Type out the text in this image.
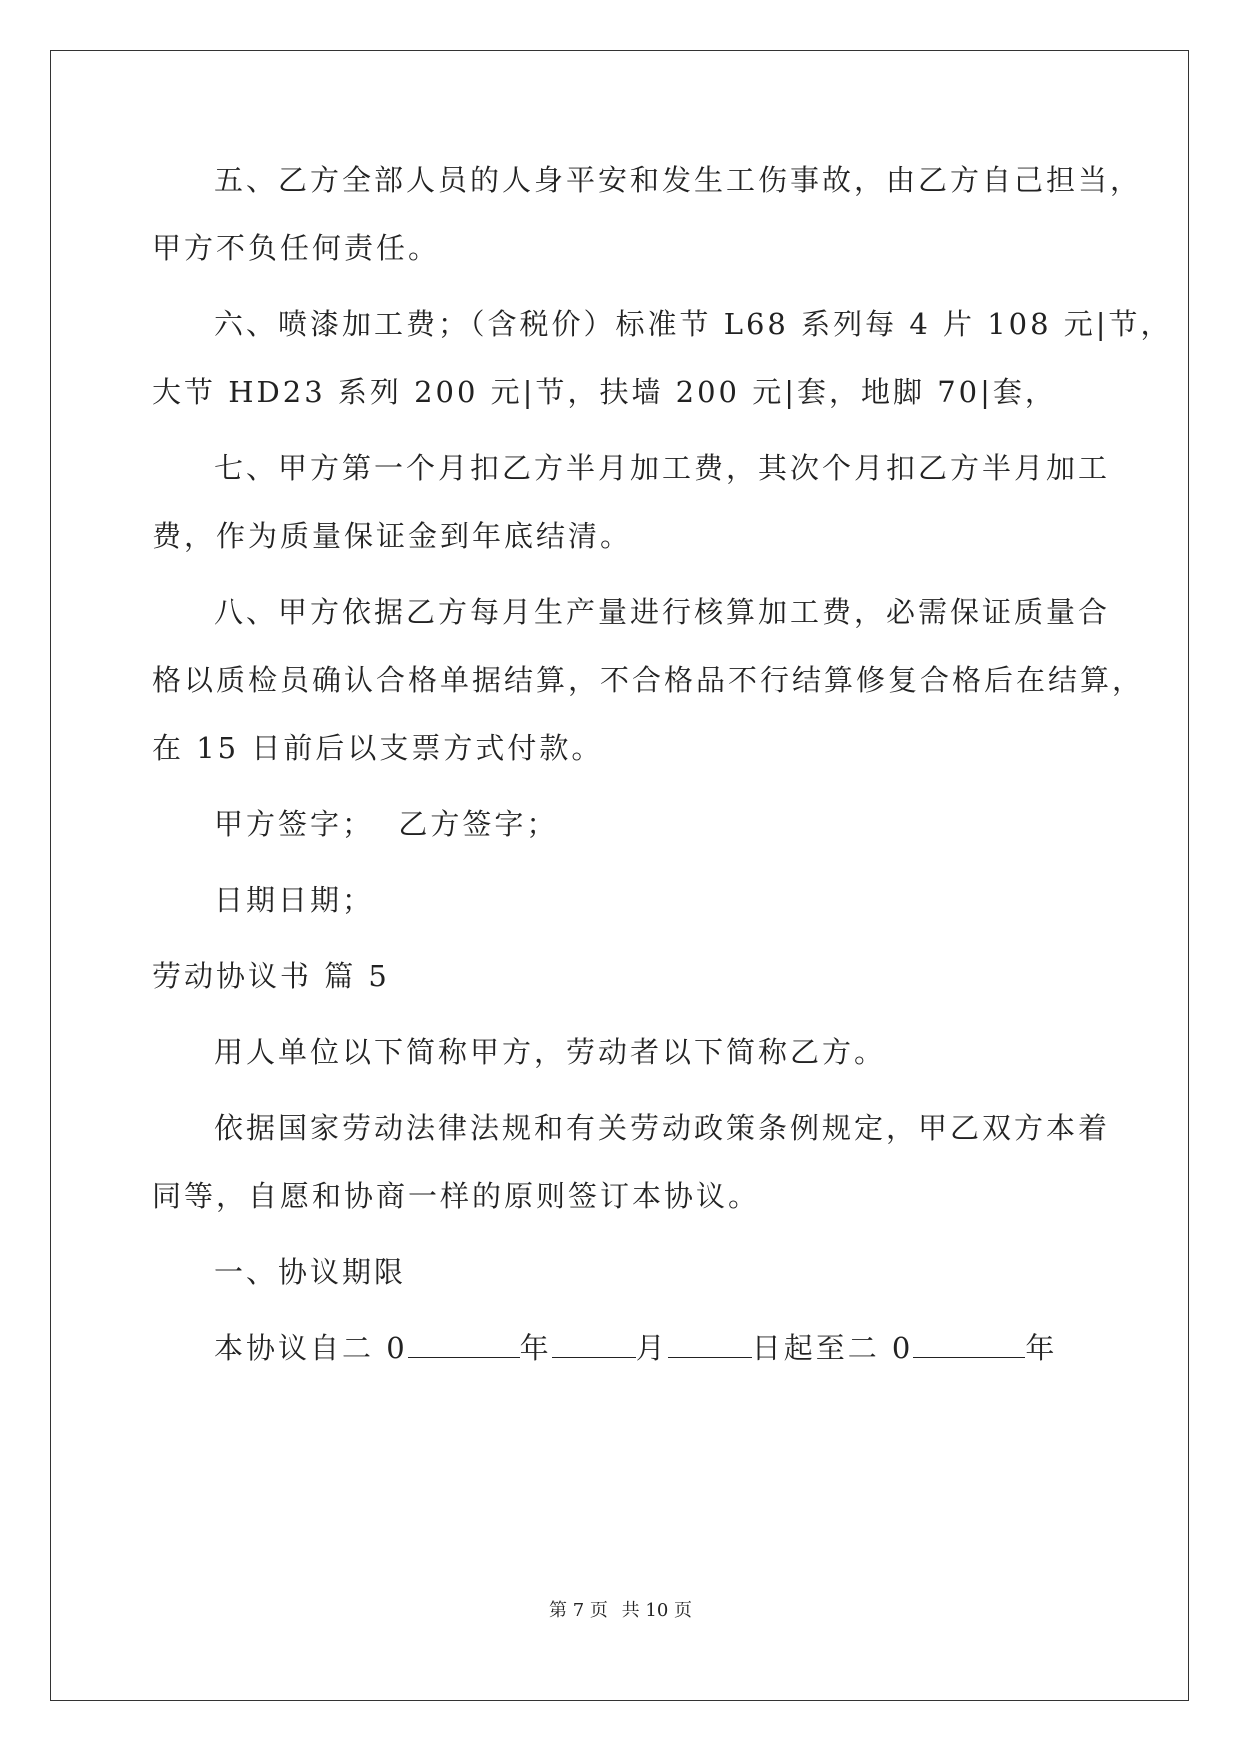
五、乙方全部人员的人身平安和发生工伤事故，由乙方自己担当，
甲方不负任何责任。
六、喷漆加工费；（含税价）标准节 L68 系列每 4 片 108 元|节，
大节 HD23 系列 200 元|节，扶墙 200 元|套，地脚 70|套，
七、甲方第一个月扣乙方半月加工费，其次个月扣乙方半月加工
费，作为质量保证金到年底结清。
八、甲方依据乙方每月生产量进行核算加工费，必需保证质量合
格以质检员确认合格单据结算，不合格品不行结算修复合格后在结算，
在 15 日前后以支票方式付款。
甲方签字；  乙方签字；
日期日期；
劳动协议书 篇 5
用人单位以下简称甲方，劳动者以下简称乙方。
依据国家劳动法律法规和有关劳动政策条例规定，甲乙双方本着
同等，自愿和协商一样的原则签订本协议。
一、协议期限
本协议自二 0	年	月	日起至二 0	年
第 7 页 共 10 页
